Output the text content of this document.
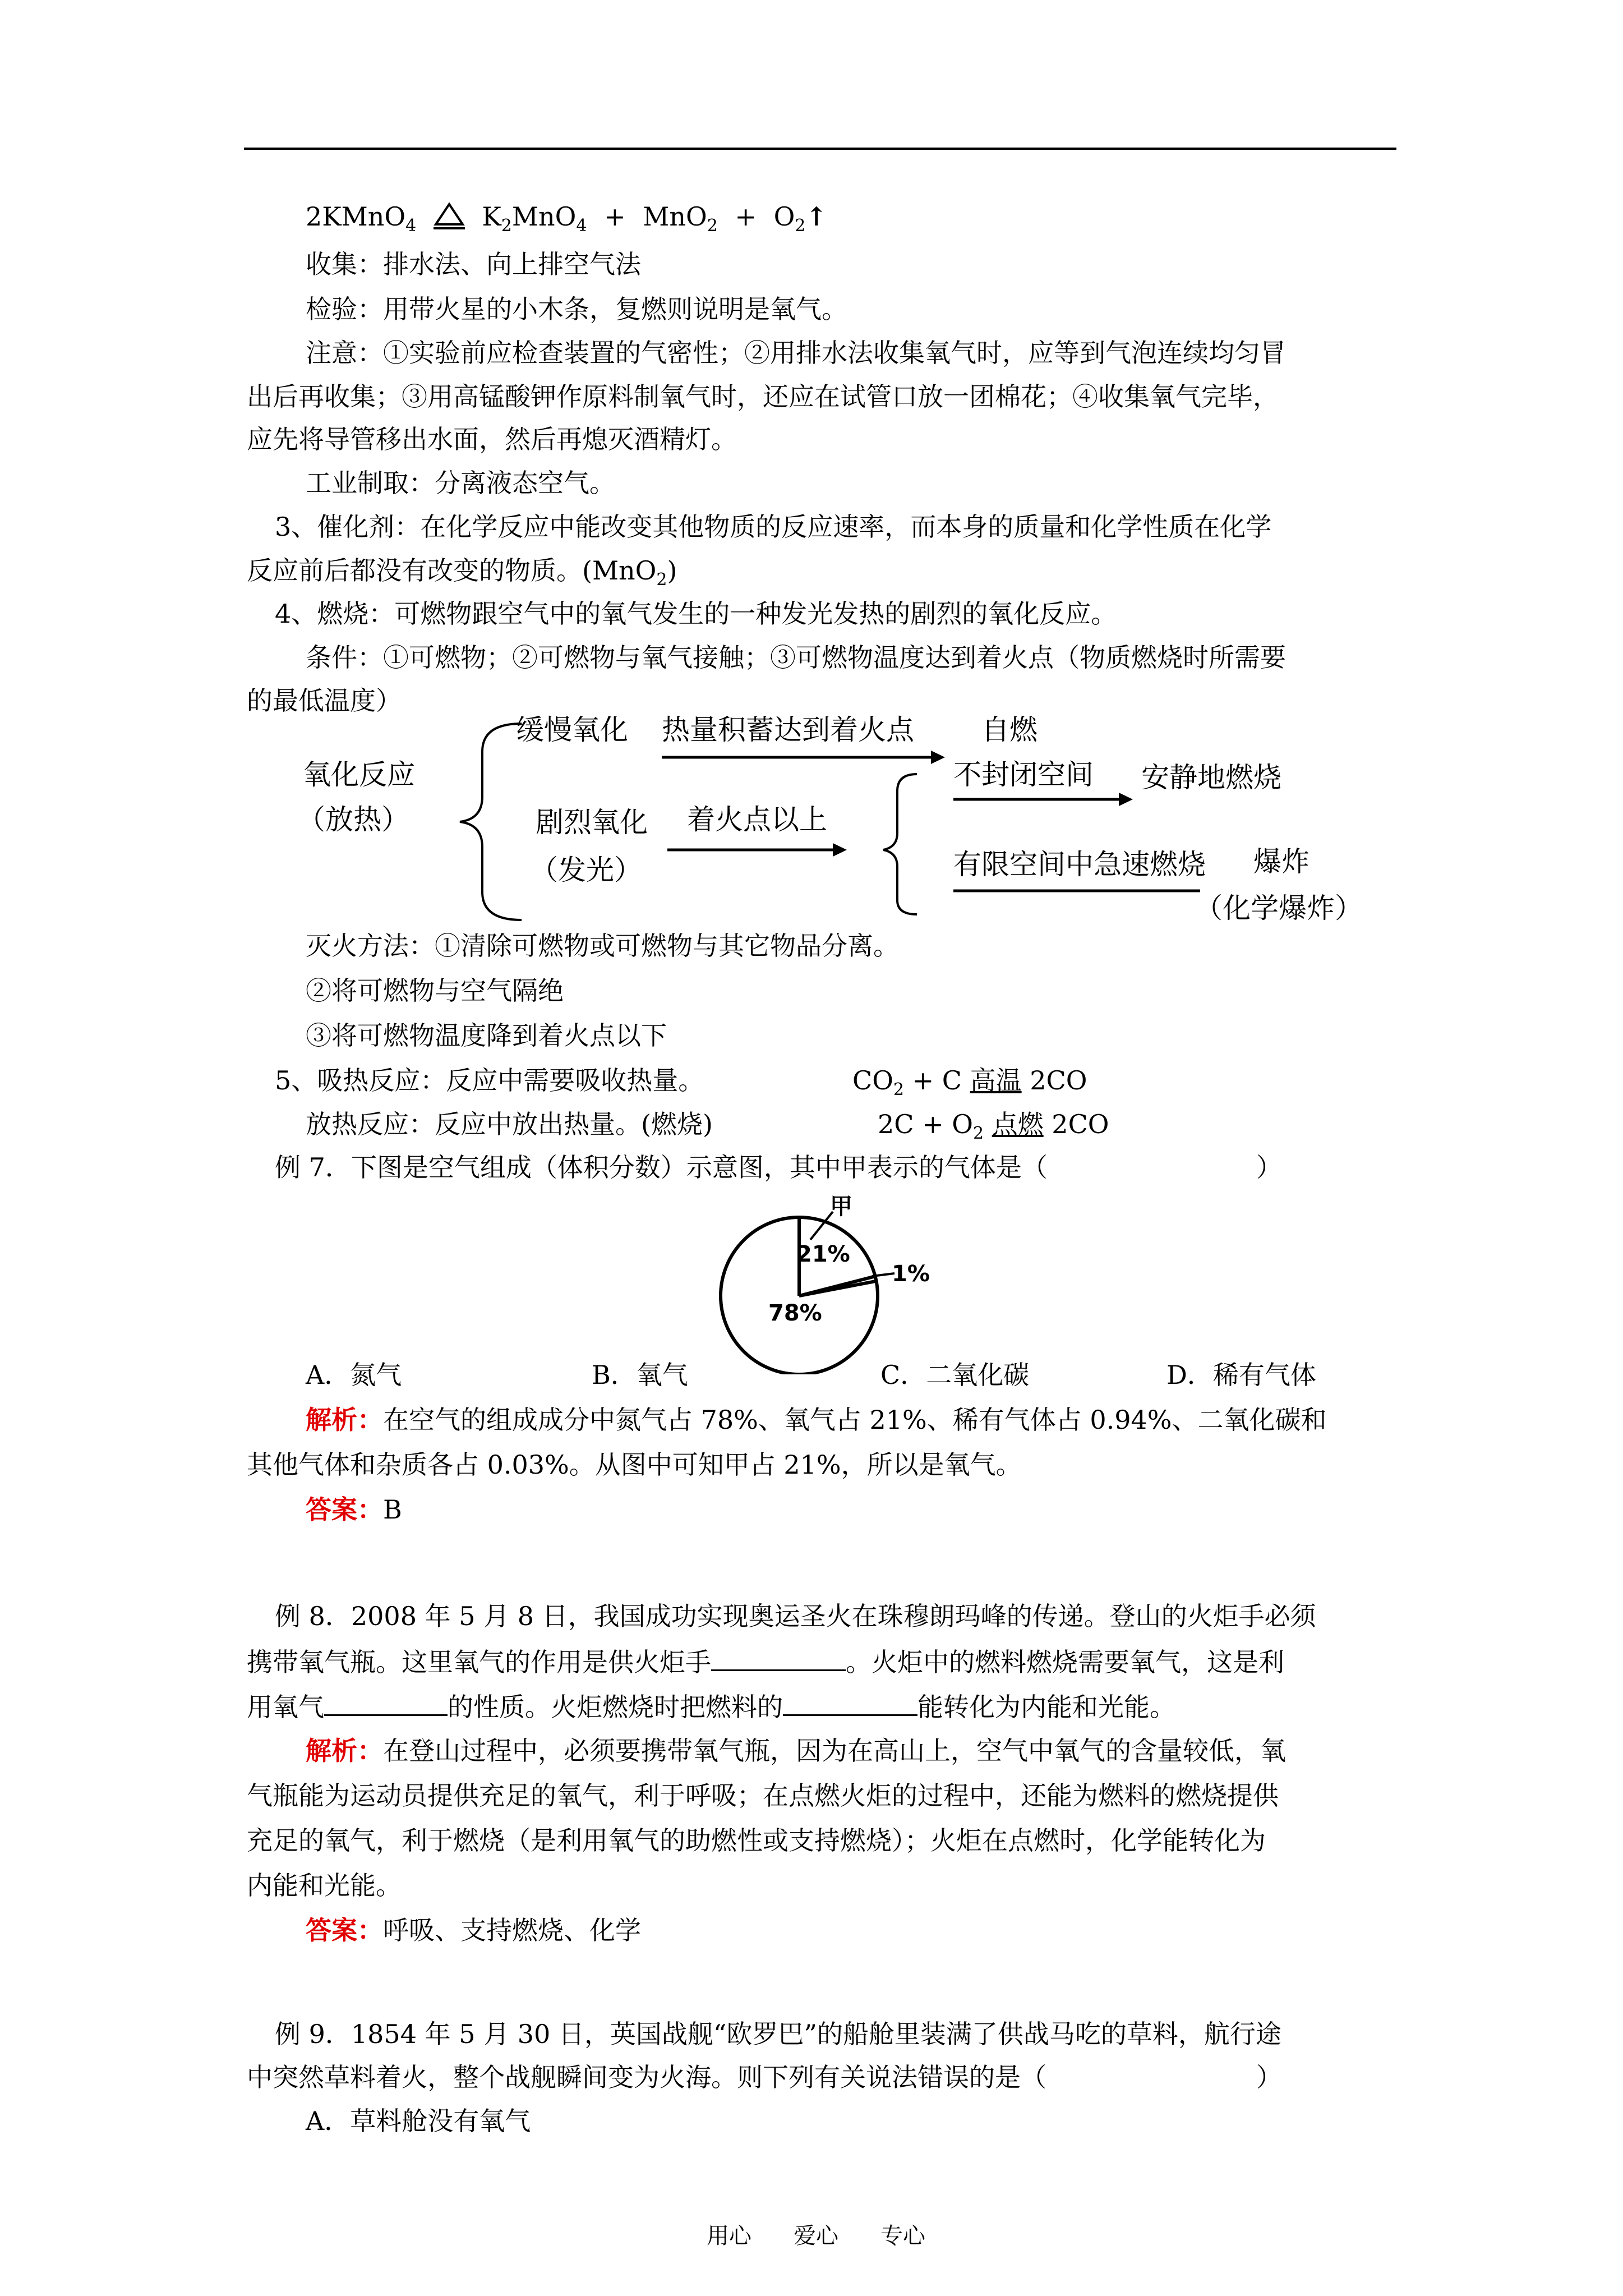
2KMnO$_4$	$K_2MnO_4 + MnO_2$ + $O_2↑$
收集：排水法、向上排空气法
检验：用带火星的小木条，复燃则说明是氧气。
注意：①实验前应检查装置的气密性；②用排水法收集氧气时，应等到气泡连续均匀冒
出后再收集；③用高锰酸钾作原料制氧气时，还应在试管口放一团棉花；④收集氧气完毕，
应先将导管移出水面，然后再熄灭酒精灯。
工业制取：分离液态空气。
3、催化剂：在化学反应中能改变其他物质的反应速率，而本身的质量和化学性质在化学
反应前后都没有改变的物质。(MnO$_2$)
4、燃烧：可燃物跟空气中的氧气发生的一种发光发热的剧烈的氧化反应。
条件：①可燃物；②可燃物与氧气接触；③可燃物温度达到着火点（物质燃烧时所需要
的最低温度）
氧化反应
（放热）
缓慢氧化 热量积蓄达到着火点 自燃
剧烈氧化
（发光）
着火点以上
不封闭空间 安静地燃烧
有限空间中急速燃烧 爆炸
（化学爆炸）
灭火方法：①清除可燃物或可燃物与其它物品分离。
②将可燃物与空气隔绝
③将可燃物温度降到着火点以下
5、吸热反应：反应中需要吸收热量。	$CO_2 + C$ 高温 2CO
放热反应：反应中放出热量。(燃烧)	$2C + O_2$ 点燃 2CO
例 7．下图是空气组成（体积分数）示意图，其中甲表示的气体是（	）
甲
21%
1%
78%
A．氮气	B．氧气	C．二氧化碳	D．稀有气体
解析：在空气的组成成分中氮气占 78%、氧气占 21%、稀有气体占 0.94%、二氧化碳和
其他气体和杂质各占 0.03%。从图中可知甲占 21%，所以是氧气。
答案：B
例 8．2008 年 5 月 8 日，我国成功实现奥运圣火在珠穆朗玛峰的传递。登山的火炬手必须
携带氧气瓶。这里氧气的作用是供火炬手	。火炬中的燃料燃烧需要氧气，这是利
用氧气	的性质。火炬燃烧时把燃料的	能转化为内能和光能。
解析：在登山过程中，必须要携带氧气瓶，因为在高山上，空气中氧气的含量较低，氧
气瓶能为运动员提供充足的氧气，利于呼吸；在点燃火炬的过程中，还能为燃料的燃烧提供
充足的氧气，利于燃烧（是利用氧气的助燃性或支持燃烧）；火炬在点燃时，化学能转化为
内能和光能。
答案：呼吸、支持燃烧、化学
例 9．1854 年 5 月 30 日，英国战舰“欧罗巴”的船舱里装满了供战马吃的草料，航行途
中突然草料着火，整个战舰瞬间变为火海。则下列有关说法错误的是（	）
A．草料舱没有氧气
用心 爱心 专心
